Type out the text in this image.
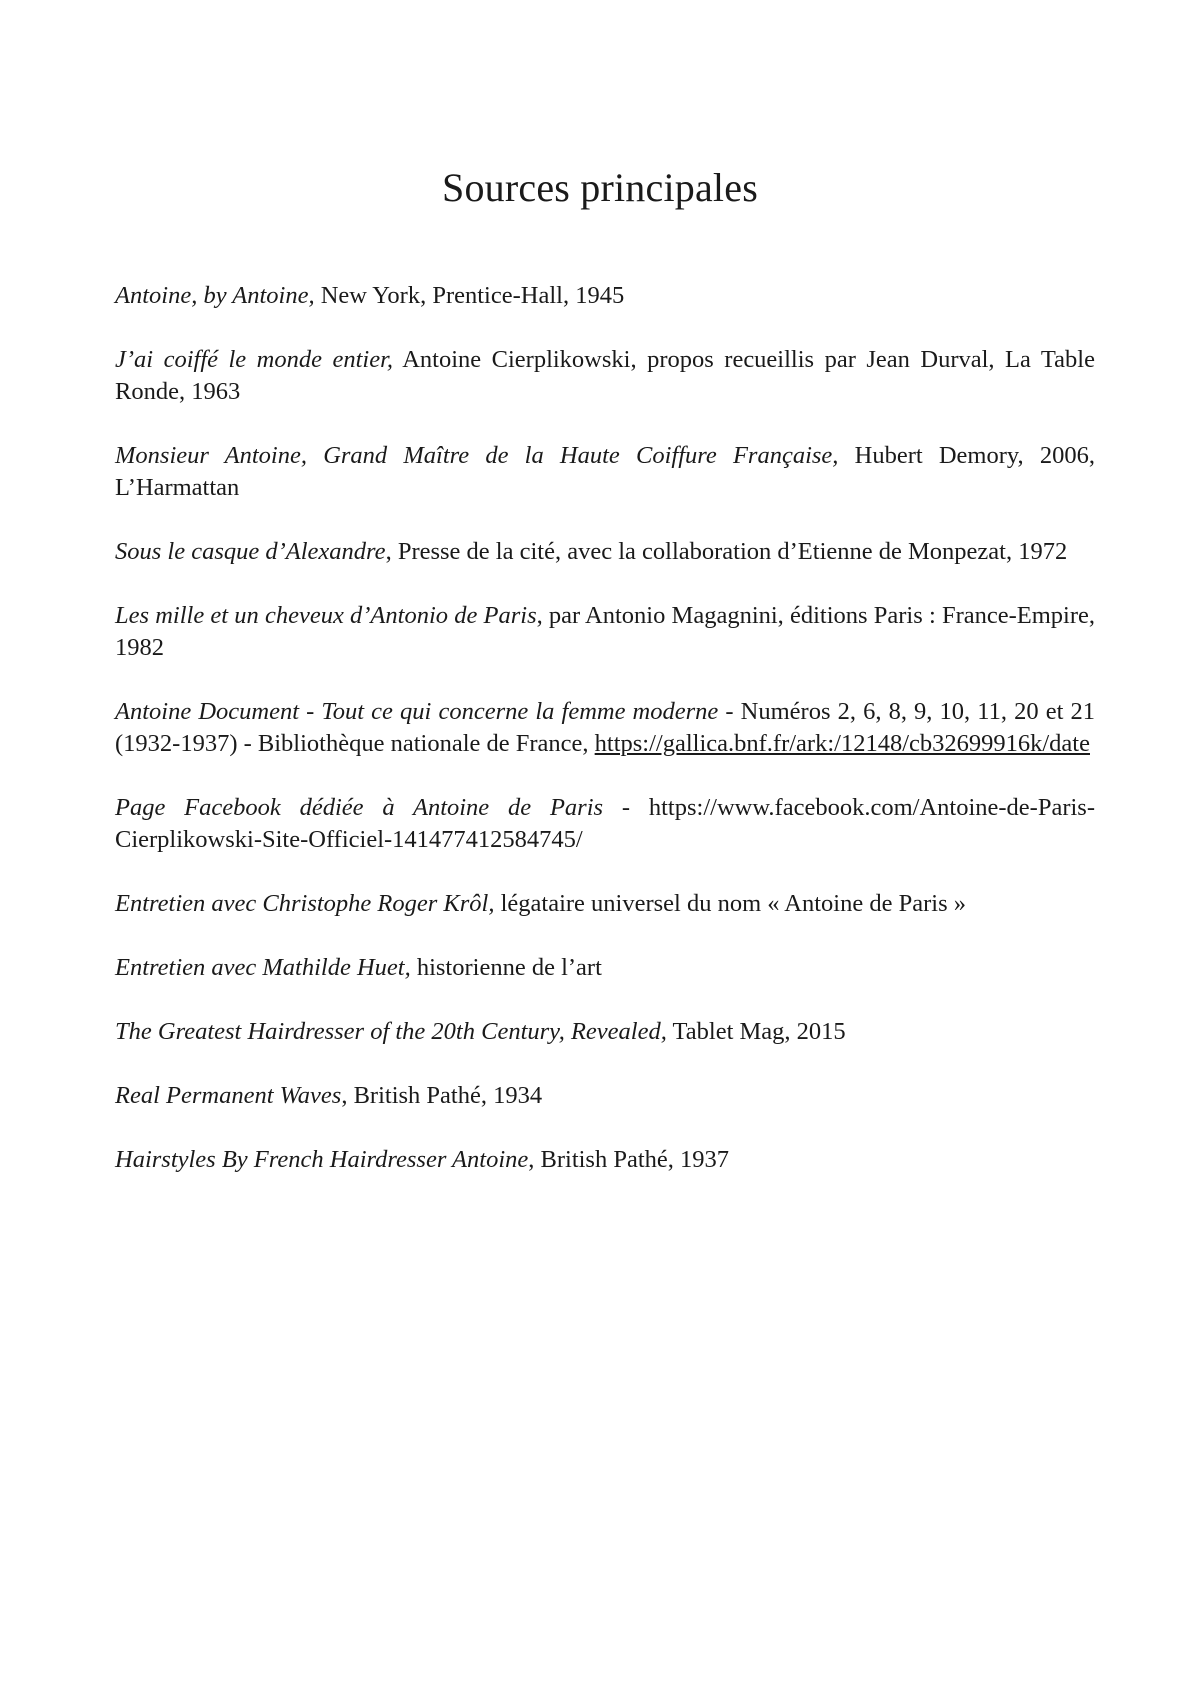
Sources principales
Antoine, by Antoine, New York, Prentice-Hall, 1945
J’ai coiffé le monde entier, Antoine Cierplikowski, propos recueillis par Jean Durval, La Table Ronde, 1963
Monsieur Antoine, Grand Maître de la Haute Coiffure Française, Hubert Demory, 2006, L’Harmattan
Sous le casque d’Alexandre, Presse de la cité, avec la collaboration d’Etienne de Monpezat, 1972
Les mille et un cheveux d’Antonio de Paris, par Antonio Magagnini, éditions Paris : France-Empire, 1982
Antoine Document - Tout ce qui concerne la femme moderne - Numéros 2, 6, 8, 9, 10, 11, 20 et 21 (1932-1937) - Bibliothèque nationale de France, https://gallica.bnf.fr/ark:/12148/cb32699916k/date
Page Facebook dédiée à Antoine de Paris - https://www.facebook.com/Antoine-de-Paris-Cierplikowski-Site-Officiel-141477412584745/
Entretien avec Christophe Roger Krôl, légataire universel du nom « Antoine de Paris »
Entretien avec Mathilde Huet, historienne de l’art
The Greatest Hairdresser of the 20th Century, Revealed, Tablet Mag, 2015
Real Permanent Waves, British Pathé, 1934
Hairstyles By French Hairdresser Antoine, British Pathé, 1937
